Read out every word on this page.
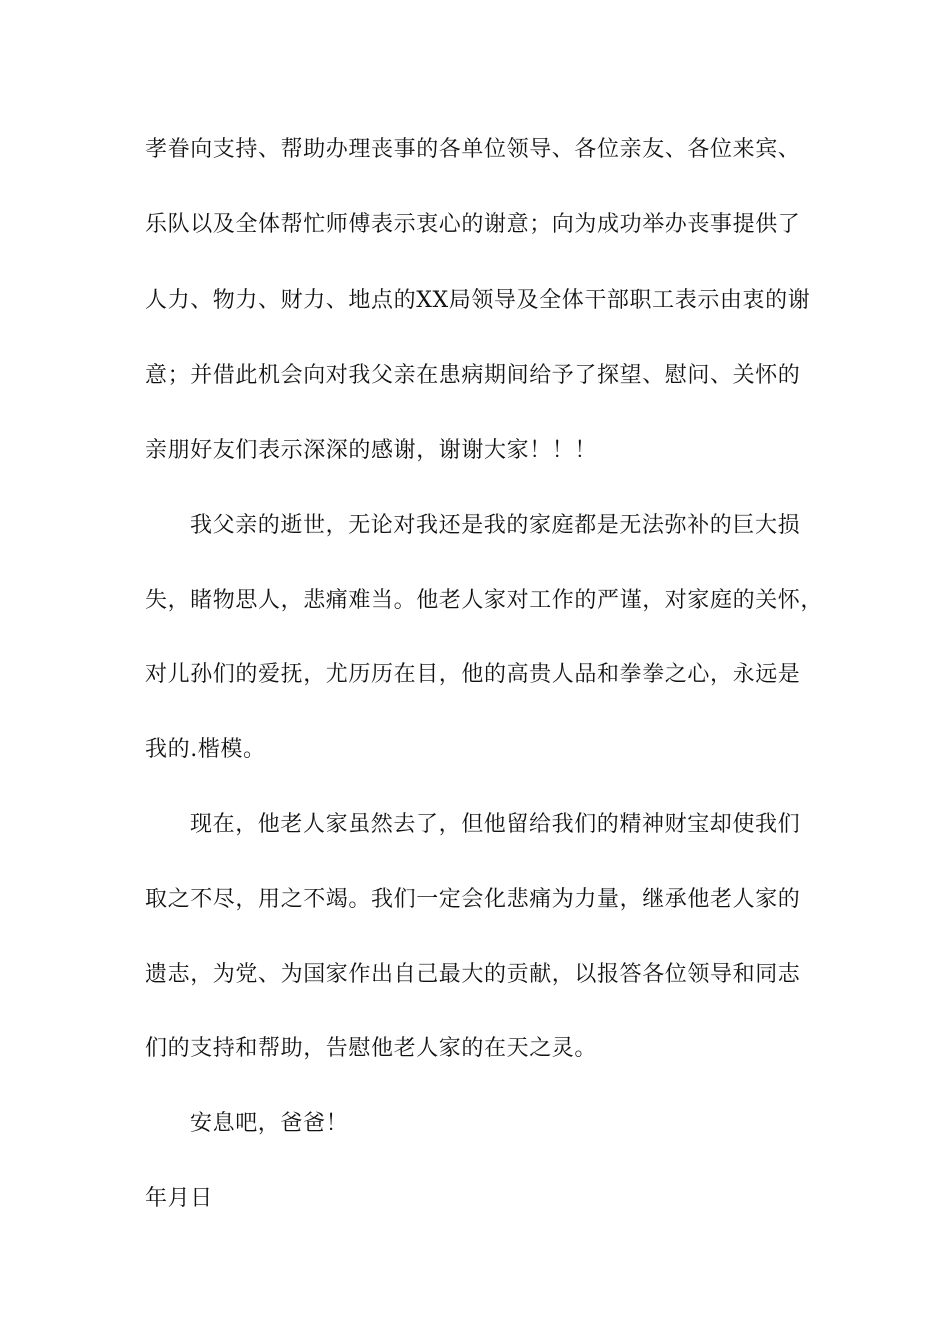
孝眷向支持、帮助办理丧事的各单位领导、各位亲友、各位来宾、
乐队以及全体帮忙师傅表示衷心的谢意；向为成功举办丧事提供了
人力、物力、财力、地点的XX局领导及全体干部职工表示由衷的谢
意；并借此机会向对我父亲在患病期间给予了探望、慰问、关怀的
亲朋好友们表示深深的感谢，谢谢大家！！！
我父亲的逝世，无论对我还是我的家庭都是无法弥补的巨大损
失，睹物思人，悲痛难当。他老人家对工作的严谨，对家庭的关怀，
对儿孙们的爱抚，尤历历在目，他的高贵人品和拳拳之心，永远是
我的.楷模。
现在，他老人家虽然去了，但他留给我们的精神财宝却使我们
取之不尽，用之不竭。我们一定会化悲痛为力量，继承他老人家的
遗志，为党、为国家作出自己最大的贡献，以报答各位领导和同志
们的支持和帮助，告慰他老人家的在天之灵。
安息吧，爸爸！
年月日
